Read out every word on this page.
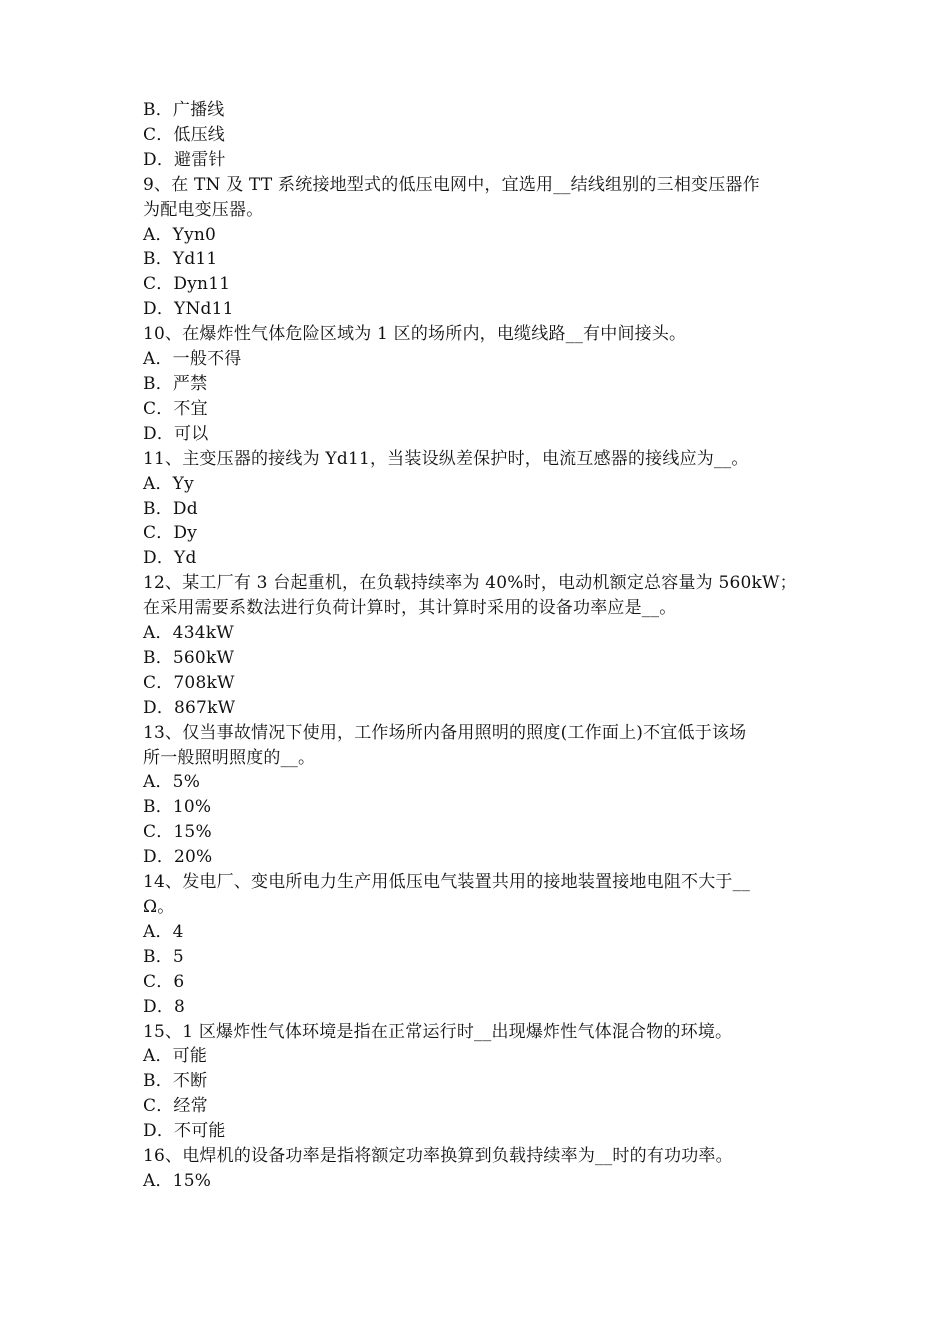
B．广播线
C．低压线
D．避雷针
9、在 TN 及 TT 系统接地型式的低压电网中，宜选用__结线组别的三相变压器作
为配电变压器。
A．Yyn0
B．Yd11
C．Dyn11
D．YNd11
10、在爆炸性气体危险区域为 1 区的场所内，电缆线路__有中间接头。
A．一般不得
B．严禁
C．不宜
D．可以
11、主变压器的接线为 Yd11，当装设纵差保护时，电流互感器的接线应为__。
A．Yy
B．Dd
C．Dy
D．Yd
12、某工厂有 3 台起重机，在负载持续率为 40%时，电动机额定总容量为 560kW；
在采用需要系数法进行负荷计算时，其计算时采用的设备功率应是__。
A．434kW
B．560kW
C．708kW
D．867kW
13、仅当事故情况下使用，工作场所内备用照明的照度(工作面上)不宜低于该场
所一般照明照度的__。
A．5%
B．10%
C．15%
D．20%
14、发电厂、变电所电力生产用低压电气装置共用的接地装置接地电阻不大于__
Ω。
A．4
B．5
C．6
D．8
15、1 区爆炸性气体环境是指在正常运行时__出现爆炸性气体混合物的环境。
A．可能
B．不断
C．经常
D．不可能
16、电焊机的设备功率是指将额定功率换算到负载持续率为__时的有功功率。
A．15%
